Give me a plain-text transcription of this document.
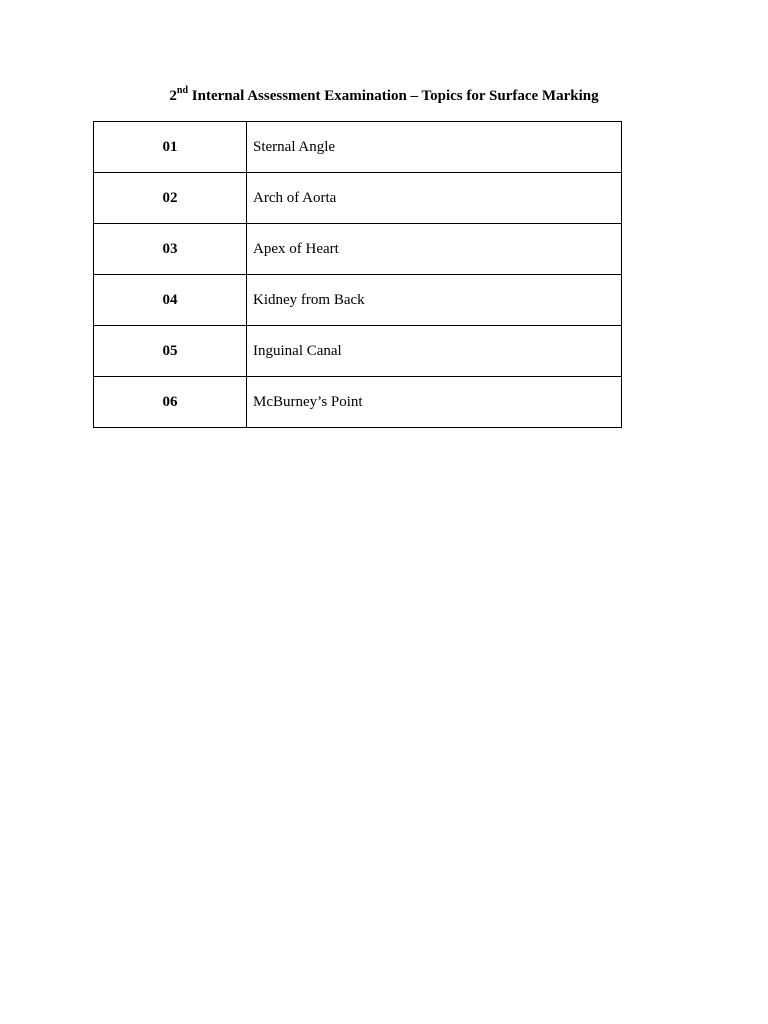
2nd Internal Assessment Examination – Topics for Surface Marking
01	Sternal Angle
02	Arch of Aorta
03	Apex of Heart
04	Kidney from Back
05	Inguinal Canal
06	McBurney’s Point
